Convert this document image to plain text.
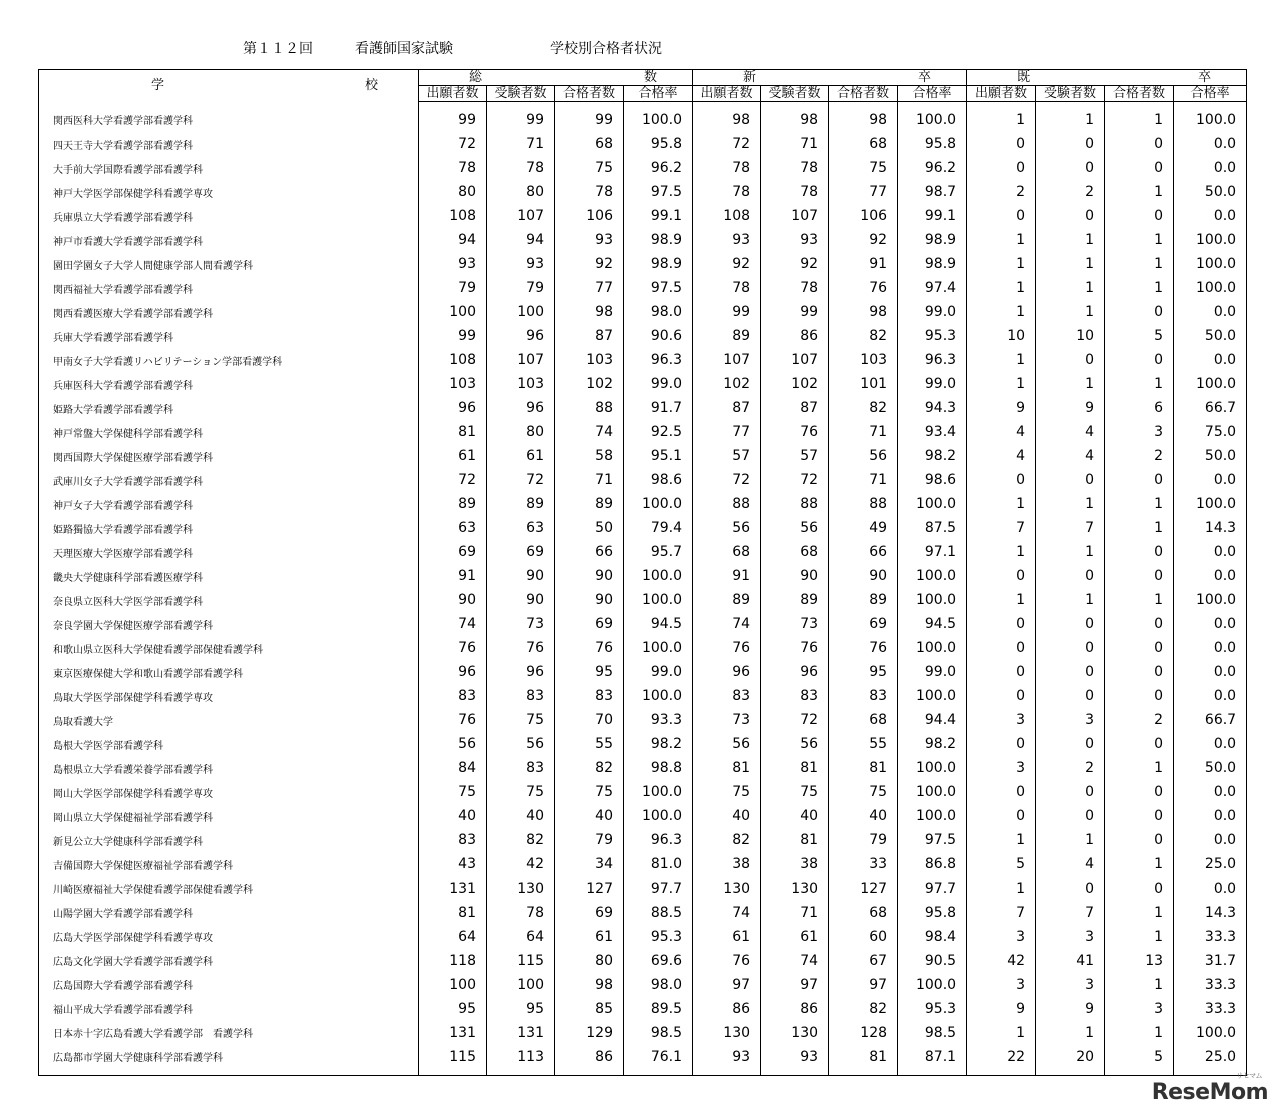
第１１２回	看護師国家試験	学校別合格者状況
学 校	総 数				新 卒				既 卒			

	出願者数	受験者数	合格者数	合格率	出願者数	受験者数	合格者数	合格率	出願者数	受験者数	合格者数	合格率
関西医科大学看護学部看護学科	99	99	99	100.0	98	98	98	100.0	1	1	1	100.0
四天王寺大学看護学部看護学科	72	71	68	95.8	72	71	68	95.8	0	0	0	0.0
大手前大学国際看護学部看護学科	78	78	75	96.2	78	78	75	96.2	0	0	0	0.0
神戸大学医学部保健学科看護学専攻	80	80	78	97.5	78	78	77	98.7	2	2	1	50.0
兵庫県立大学看護学部看護学科	108	107	106	99.1	108	107	106	99.1	0	0	0	0.0
神戸市看護大学看護学部看護学科	94	94	93	98.9	93	93	92	98.9	1	1	1	100.0
園田学園女子大学人間健康学部人間看護学科	93	93	92	98.9	92	92	91	98.9	1	1	1	100.0
関西福祉大学看護学部看護学科	79	79	77	97.5	78	78	76	97.4	1	1	1	100.0
関西看護医療大学看護学部看護学科	100	100	98	98.0	99	99	98	99.0	1	1	0	0.0
兵庫大学看護学部看護学科	99	96	87	90.6	89	86	82	95.3	10	10	5	50.0
甲南女子大学看護リハビリテーション学部看護学科	108	107	103	96.3	107	107	103	96.3	1	0	0	0.0
兵庫医科大学看護学部看護学科	103	103	102	99.0	102	102	101	99.0	1	1	1	100.0
姫路大学看護学部看護学科	96	96	88	91.7	87	87	82	94.3	9	9	6	66.7
神戸常盤大学保健科学部看護学科	81	80	74	92.5	77	76	71	93.4	4	4	3	75.0
関西国際大学保健医療学部看護学科	61	61	58	95.1	57	57	56	98.2	4	4	2	50.0
武庫川女子大学看護学部看護学科	72	72	71	98.6	72	72	71	98.6	0	0	0	0.0
神戸女子大学看護学部看護学科	89	89	89	100.0	88	88	88	100.0	1	1	1	100.0
姫路獨協大学看護学部看護学科	63	63	50	79.4	56	56	49	87.5	7	7	1	14.3
天理医療大学医療学部看護学科	69	69	66	95.7	68	68	66	97.1	1	1	0	0.0
畿央大学健康科学部看護医療学科	91	90	90	100.0	91	90	90	100.0	0	0	0	0.0
奈良県立医科大学医学部看護学科	90	90	90	100.0	89	89	89	100.0	1	1	1	100.0
奈良学園大学保健医療学部看護学科	74	73	69	94.5	74	73	69	94.5	0	0	0	0.0
和歌山県立医科大学保健看護学部保健看護学科	76	76	76	100.0	76	76	76	100.0	0	0	0	0.0
東京医療保健大学和歌山看護学部看護学科	96	96	95	99.0	96	96	95	99.0	0	0	0	0.0
鳥取大学医学部保健学科看護学専攻	83	83	83	100.0	83	83	83	100.0	0	0	0	0.0
鳥取看護大学	76	75	70	93.3	73	72	68	94.4	3	3	2	66.7
島根大学医学部看護学科	56	56	55	98.2	56	56	55	98.2	0	0	0	0.0
島根県立大学看護栄養学部看護学科	84	83	82	98.8	81	81	81	100.0	3	2	1	50.0
岡山大学医学部保健学科看護学専攻	75	75	75	100.0	75	75	75	100.0	0	0	0	0.0
岡山県立大学保健福祉学部看護学科	40	40	40	100.0	40	40	40	100.0	0	0	0	0.0
新見公立大学健康科学部看護学科	83	82	79	96.3	82	81	79	97.5	1	1	0	0.0
吉備国際大学保健医療福祉学部看護学科	43	42	34	81.0	38	38	33	86.8	5	4	1	25.0
川崎医療福祉大学保健看護学部保健看護学科	131	130	127	97.7	130	130	127	97.7	1	0	0	0.0
山陽学園大学看護学部看護学科	81	78	69	88.5	74	71	68	95.8	7	7	1	14.3
広島大学医学部保健学科看護学専攻	64	64	61	95.3	61	61	60	98.4	3	3	1	33.3
広島文化学園大学看護学部看護学科	118	115	80	69.6	76	74	67	90.5	42	41	13	31.7
広島国際大学看護学部看護学科	100	100	98	98.0	97	97	97	100.0	3	3	1	33.3
福山平成大学看護学部看護学科	95	95	85	89.5	86	86	82	95.3	9	9	3	33.3
日本赤十字広島看護大学看護学部　看護学科	131	131	129	98.5	130	130	128	98.5	1	1	1	100.0
広島都市学園大学健康科学部看護学科	115	113	86	76.1	93	93	81	87.1	22	20	5	25.0
リセマム
ReseMom
